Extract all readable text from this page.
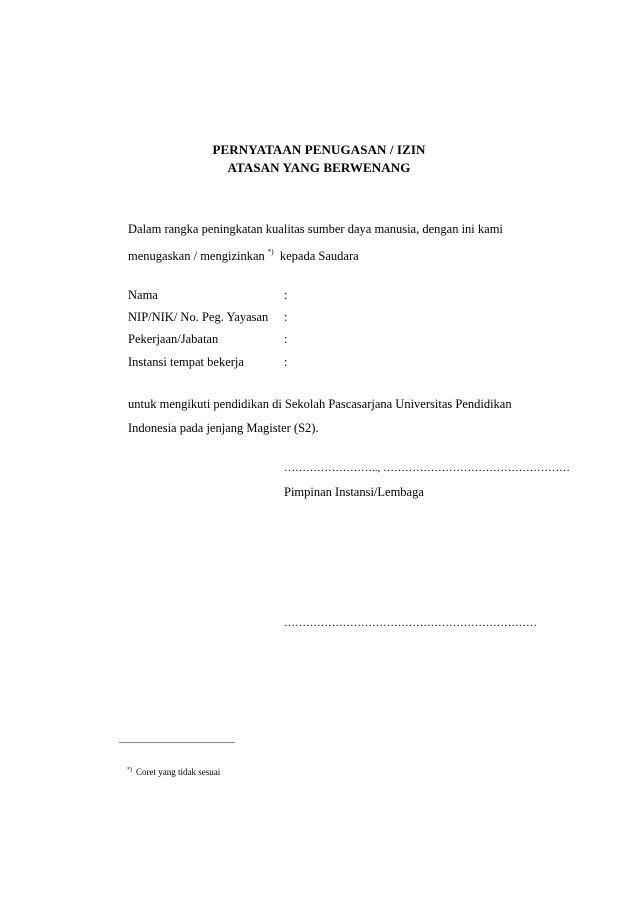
PERNYATAAN PENUGASAN / IZIN
ATASAN YANG BERWENANG
Dalam rangka peningkatan kualitas sumber daya manusia, dengan ini kami
menugaskan / mengizinkan *) kepada Saudara
Nama	:
NIP/NIK/ No. Peg. Yayasan :
Pekerjaan/Jabatan	:
Instansi tempat bekerja	:
untuk mengikuti pendidikan di Sekolah Pascasarjana Universitas Pendidikan
Indonesia pada jenjang Magister (S2).
…………………….., ……………………………………………
Pimpinan Instansi/Lembaga
……………………………………………………………
*) Coret yang tidak sesuai
